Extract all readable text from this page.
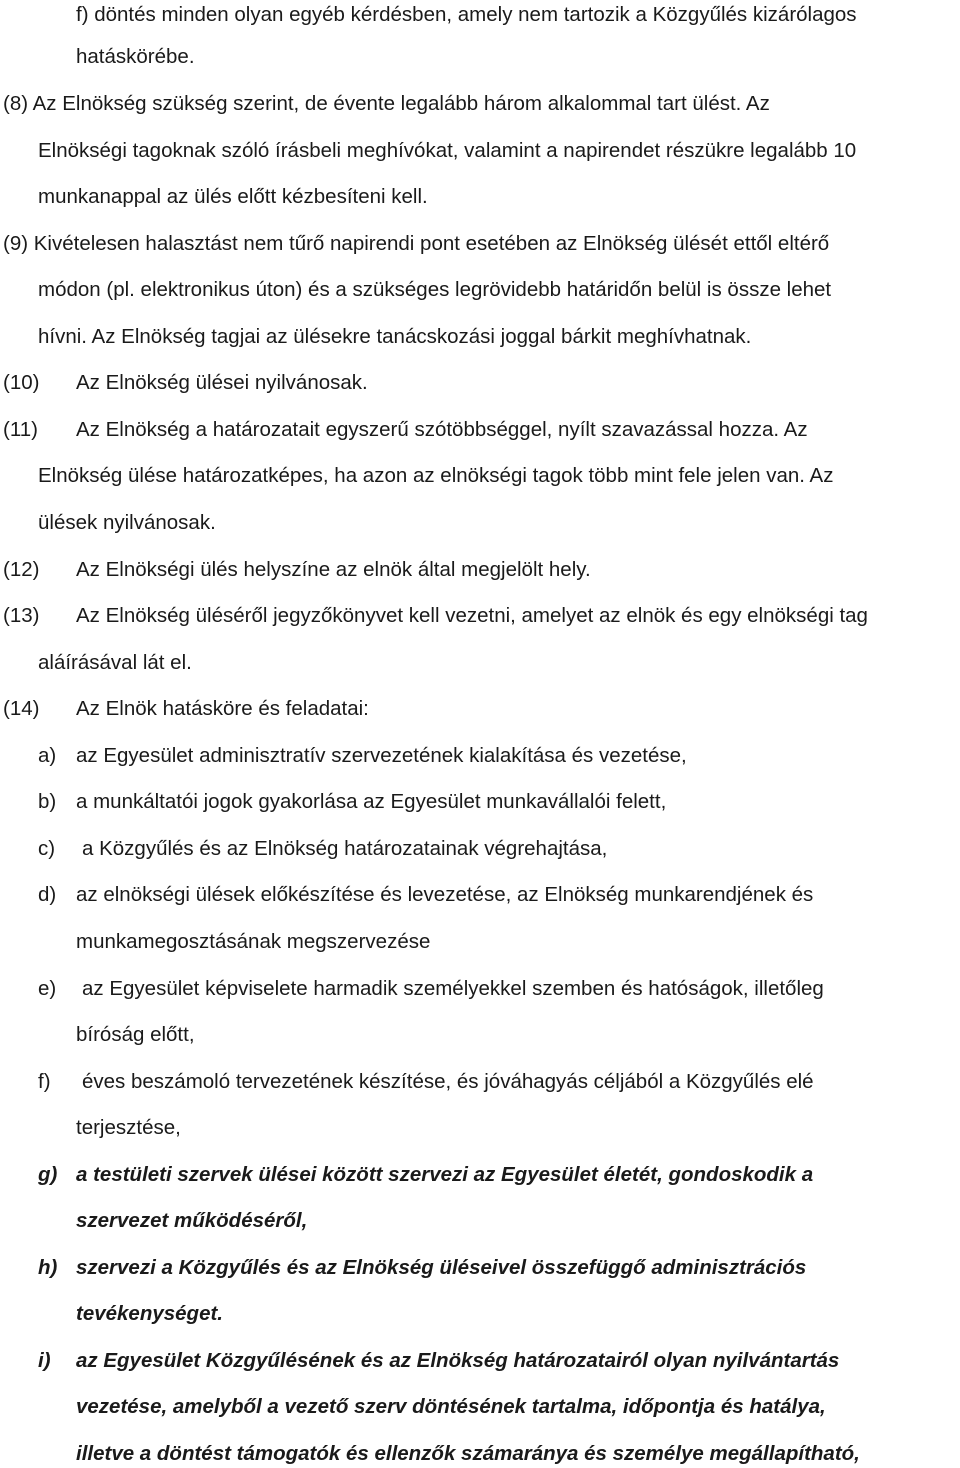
f) döntés minden olyan egyéb kérdésben, amely nem tartozik a Közgyűlés kizárólagos
hatáskörébe.
(8) Az Elnökség szükség szerint, de évente legalább három alkalommal tart ülést. Az
Elnökségi tagoknak szóló írásbeli meghívókat, valamint a napirendet részükre legalább 10
munkanappal az ülés előtt kézbesíteni kell.
(9) Kivételesen halasztást nem tűrő napirendi pont esetében az Elnökség ülését ettől eltérő
módon (pl. elektronikus úton) és a szükséges legrövidebb határidőn belül is össze lehet
hívni. Az Elnökség tagjai az ülésekre tanácskozási joggal bárkit meghívhatnak.
(10) Az Elnökség ülései nyilvánosak.
(11) Az Elnökség a határozatait egyszerű szótöbbséggel, nyílt szavazással hozza. Az
Elnökség ülése határozatképes, ha azon az elnökségi tagok több mint fele jelen van. Az
ülések nyilvánosak.
(12) Az Elnökségi ülés helyszíne az elnök által megjelölt hely.
(13) Az Elnökség üléséről jegyzőkönyvet kell vezetni, amelyet az elnök és egy elnökségi tag
aláírásával lát el.
(14) Az Elnök hatásköre és feladatai:
a) az Egyesület adminisztratív szervezetének kialakítása és vezetése,
b) a munkáltatói jogok gyakorlása az Egyesület munkavállalói felett,
c) a Közgyűlés és az Elnökség határozatainak végrehajtása,
d) az elnökségi ülések előkészítése és levezetése, az Elnökség munkarendjének és
munkamegosztásának megszervezése
e) az Egyesület képviselete harmadik személyekkel szemben és hatóságok, illetőleg
bíróság előtt,
f) éves beszámoló tervezetének készítése, és jóváhagyás céljából a Közgyűlés elé
terjesztése,
g) a testületi szervek ülései között szervezi az Egyesület életét, gondoskodik a
szervezet működéséről,
h) szervezi a Közgyűlés és az Elnökség üléseivel összefüggő adminisztrációs
tevékenységet.
i) az Egyesület Közgyűlésének és az Elnökség határozatairól olyan nyilvántartás
vezetése, amelyből a vezető szerv döntésének tartalma, időpontja és hatálya,
illetve a döntést támogatók és ellenzők számaránya és személye megállapítható,
